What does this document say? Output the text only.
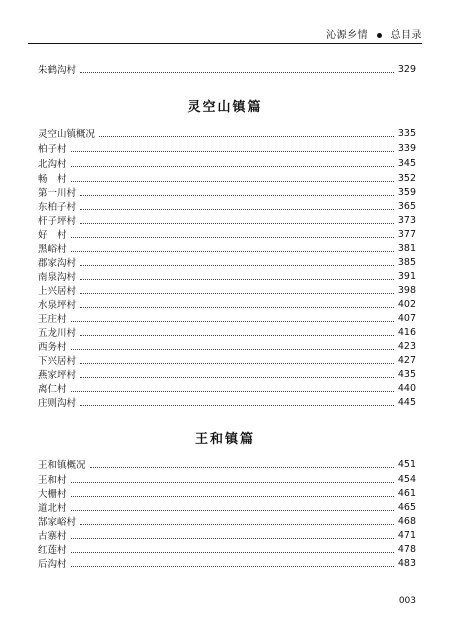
沁源乡情 总目录
朱鹤沟村	329
灵空山镇篇
灵空山镇概况	335
柏子村	339
北沟村	345
畅　村	352
第一川村	359
东柏子村	365
杆子坪村	373
好　村	377
黑峪村	381
郡家沟村	385
南泉沟村	391
上兴居村	398
水泉坪村	402
王庄村	407
五龙川村	416
西务村	423
下兴居村	427
燕家坪村	435
离仁村	440
庄则沟村	445
王和镇篇
王和镇概况	451
王和村	454
大栅村	461
道北村	465
郜家峪村	468
古寨村	471
红莲村	478
后沟村	483
003
